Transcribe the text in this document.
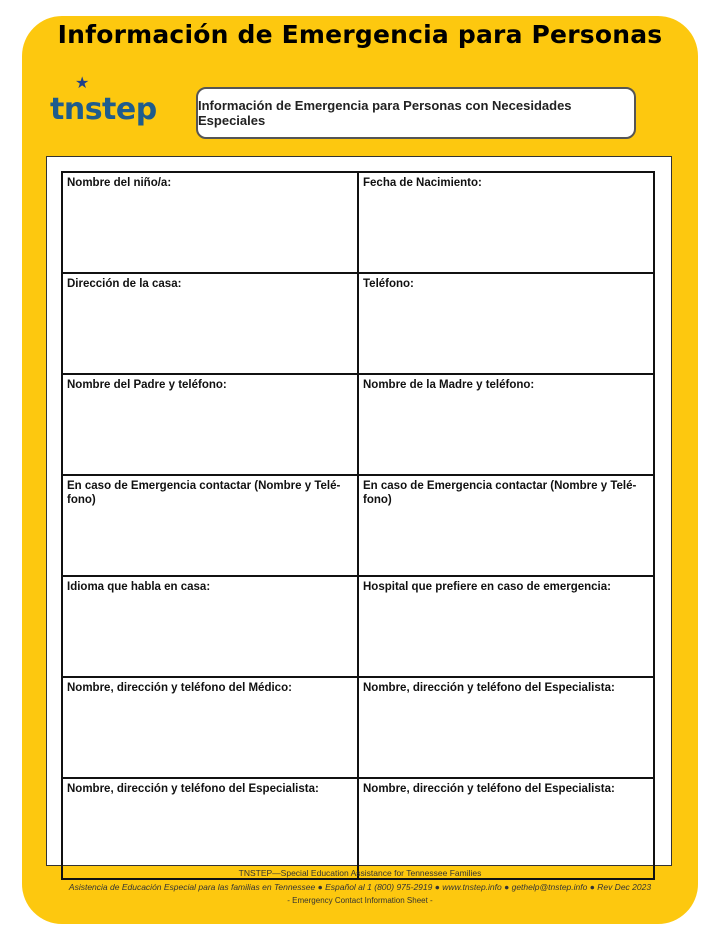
Información de Emergencia para Personas
★
tnstep	Información de Emergencia para Personas con Necesidades Especiales
Nombre del niño/a:	Fecha de Nacimiento:
Dirección de la casa:	Teléfono:
Nombre del Padre y teléfono:	Nombre de la Madre y teléfono:
En caso de Emergencia contactar (Nombre y Telé- fono)	En caso de Emergencia contactar (Nombre y Telé- fono)
Idioma que habla en casa:	Hospital que prefiere en caso de emergencia:
Nombre, dirección y teléfono del Médico:	Nombre, dirección y teléfono del Especialista:
Nombre, dirección y teléfono del Especialista:	Nombre, dirección y teléfono del Especialista:
TNSTEP—Special Education Assistance for Tennessee Families
Asistencia de Educación Especial para las familias en Tennessee ● Español al 1 (800) 975-2919 ● www.tnstep.info ● gethelp@tnstep.info ● Rev Dec 2023
- Emergency Contact Information Sheet -
